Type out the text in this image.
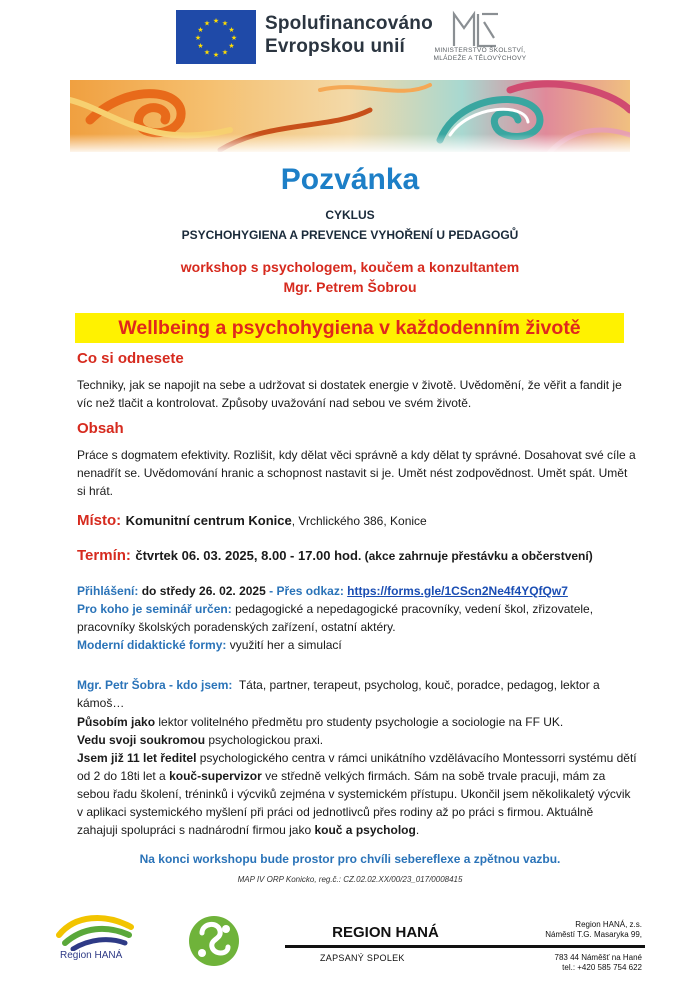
★ ★
★
★
★
★
★
★
★
★
★
★	Spolufinancováno
Evropskou unií	MINISTERSTVO ŠKOLSTVÍ,
MLÁDEŽE A TĚLOVÝCHOVY
Pozvánka
CYKLUS
PSYCHOHYGIENA A PREVENCE VYHOŘENÍ U PEDAGOGŮ
workshop s psychologem, koučem a konzultantem
Mgr. Petrem Šobrou
Wellbeing a psychohygiena v každodenním životě
Co si odnesete
Techniky, jak se napojit na sebe a udržovat si dostatek energie v životě. Uvědomění, že věřit a fandit je víc než tlačit a kontrolovat. Způsoby uvažování nad sebou ve svém životě.
Obsah
Práce s dogmatem efektivity. Rozlišit, kdy dělat věci správně a kdy dělat ty správné. Dosahovat své cíle a nenadřít se. Uvědomování hranic a schopnost nastavit si je. Umět nést zodpovědnost. Umět spát. Umět si hrát.
Místo: Komunitní centrum Konice, Vrchlického 386, Konice
Termín: čtvrtek 06. 03. 2025, 8.00 - 17.00 hod. (akce zahrnuje přestávku a občerstvení)
Přihlášení: do středy 26. 02. 2025 - Přes odkaz: https://forms.gle/1CScn2Ne4f4YQfQw7
Pro koho je seminář určen: pedagogické a nepedagogické pracovníky, vedení škol, zřizovatele, pracovníky školských poradenských zařízení, ostatní aktéry.
Moderní didaktické formy: využití her a simulací
Mgr. Petr Šobra - kdo jsem: Táta, partner, terapeut, psycholog, kouč, poradce, pedagog, lektor a kámoš…
Působím jako lektor volitelného předmětu pro studenty psychologie a sociologie na FF UK.
Vedu svoji soukromou psychologickou praxi.
Jsem již 11 let ředitel psychologického centra v rámci unikátního vzdělávacího Montessorri systému dětí od 2 do 18ti let a kouč-supervizor ve středně velkých firmách. Sám na sobě trvale pracuji, mám za sebou řadu školení, tréninků i výcviků zejména v systemickém přístupu. Ukončil jsem několikaletý výcvik v aplikaci systemického myšlení při práci od jednotlivců přes rodiny až po práci s firmou. Aktuálně zahajuji spolupráci s nadnárodní firmou jako kouč a psycholog.
Na konci workshopu bude prostor pro chvíli sebereflexe a zpětnou vazbu.
MAP IV ORP Konicko, reg.č.: CZ.02.02.XX/00/23_017/0008415
Region HANÁ
REGION HANÁ
ZAPSANÝ SPOLEK
Region HANÁ, z.s.
Náměstí T.G. Masaryka 99,
783 44 Náměšť na Hané
tel.: +420 585 754 622
